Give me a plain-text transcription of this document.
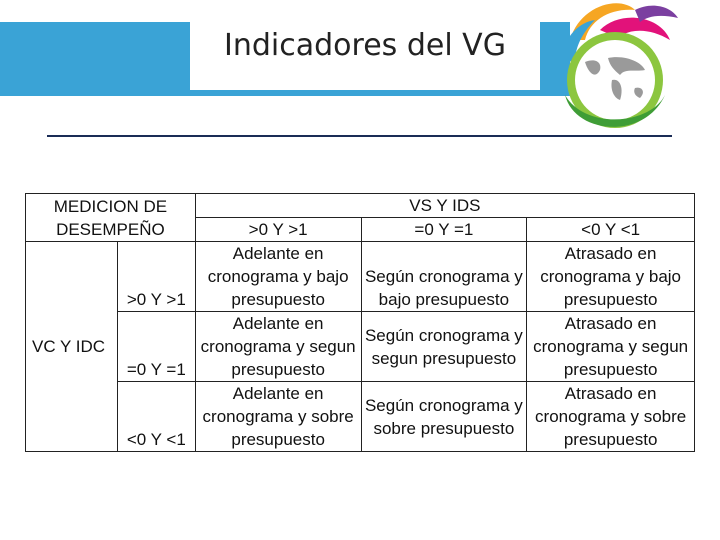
Indicadores del VG
MEDICION DE DESEMPEÑO		VS Y IDS		
		>0 Y >1	=0 Y =1	<0 Y <1
VC Y IDC	>0 Y >1	Adelante en cronograma y bajo presupuesto	Según cronograma y bajo presupuesto	Atrasado en cronograma y bajo presupuesto
	=0 Y =1	Adelante en cronograma y segun presupuesto	Según cronograma y segun presupuesto	Atrasado en cronograma y segun presupuesto
	<0 Y <1	Adelante en cronograma y sobre presupuesto	Según cronograma y sobre presupuesto	Atrasado en cronograma y sobre presupuesto
